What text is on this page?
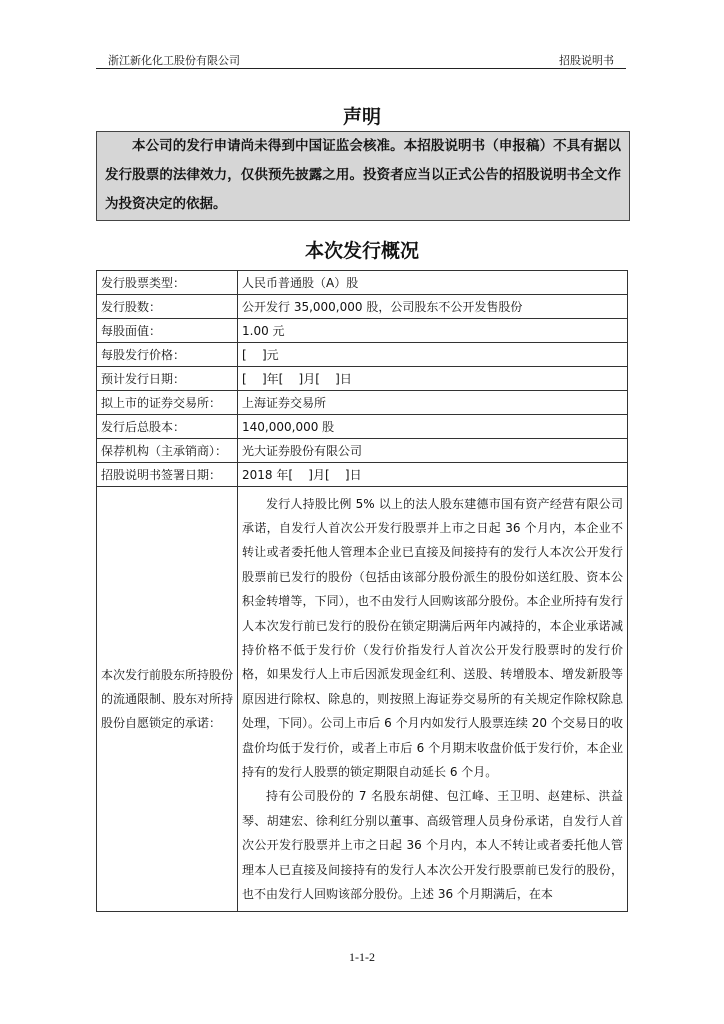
浙江新化化工股份有限公司	招股说明书
声明

本公司的发行申请尚未得到中国证监会核准。本招股说明书（申报稿）不具有据以发行股票的法律效力，仅供预先披露之用。投资者应当以正式公告的招股说明书全文作为投资决定的依据。

本次发行概况
发行股票类型：	人民币普通股（A）股
发行股数：	公开发行 35,000,000 股，公司股东不公开发售股份
每股面值：	1.00 元
每股发行价格：	[    ]元
预计发行日期：	[    ]年[    ]月[    ]日
拟上市的证券交易所：	上海证券交易所
发行后总股本：	140,000,000 股
保荐机构（主承销商）：	光大证券股份有限公司
招股说明书签署日期：	2018 年[    ]月[    ]日
本次发行前股东所持股份的流通限制、股东对所持股份自愿锁定的承诺：	发行人持股比例 5% 以上的法人股东建德市国有资产经营有限公司承诺，自发行人首次公开发行股票并上市之日起 36 个月内，本企业不转让或者委托他人管理本企业已直接及间接持有的发行人本次公开发行股票前已发行的股份（包括由该部分股份派生的股份如送红股、资本公积金转增等，下同），也不由发行人回购该部分股份。本企业所持有发行人本次发行前已发行的股份在锁定期满后两年内减持的，本企业承诺减持价格不低于发行价（发行价指发行人首次公开发行股票时的发行价格，如果发行人上市后因派发现金红利、送股、转增股本、增发新股等原因进行除权、除息的，则按照上海证券交易所的有关规定作除权除息处理，下同）。公司上市后 6 个月内如发行人股票连续 20 个交易日的收盘价均低于发行价，或者上市后 6 个月期末收盘价低于发行价，本企业持有的发行人股票的锁定期限自动延长 6 个月。

持有公司股份的 7 名股东胡健、包江峰、王卫明、赵建标、洪益琴、胡建宏、徐利红分别以董事、高级管理人员身份承诺，自发行人首次公开发行股票并上市之日起 36 个月内，本人不转让或者委托他人管理本人已直接及间接持有的发行人本次公开发行股票前已发行的股份，也不由发行人回购该部分股份。上述 36 个月期满后，在本

1-1-2
